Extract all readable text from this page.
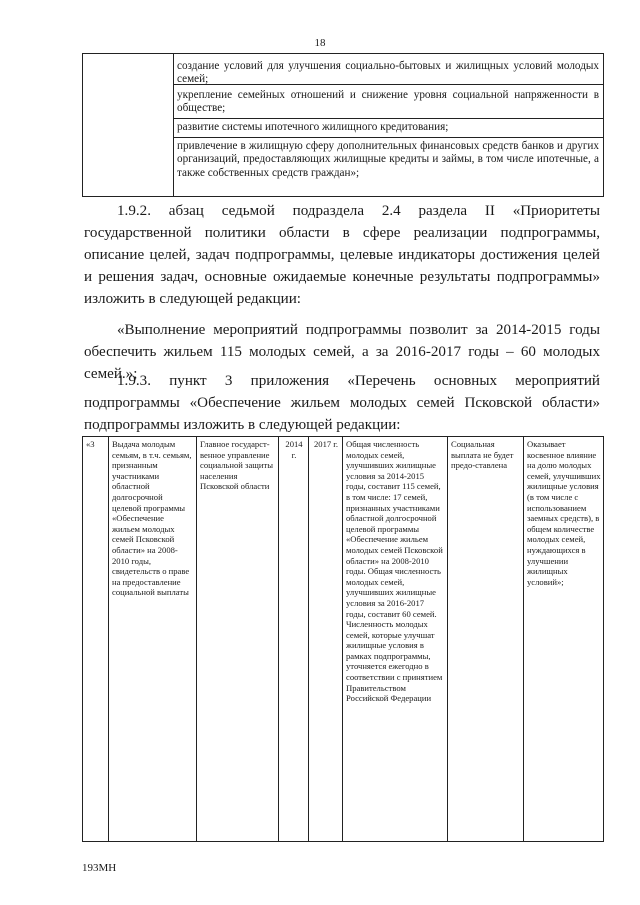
18
создание условий для улучшения социально-бытовых и жилищных условий молодых семей;
укрепление семейных отношений и снижение уровня социальной напряженности в обществе;
развитие системы ипотечного жилищного кредитования;
привлечение в жилищную сферу дополнительных финансовых средств банков и других организаций, предоставляющих жилищные кредиты и займы, в том числе ипотечные, а также собственных средств граждан»;
1.9.2. абзац седьмой подраздела 2.4 раздела II «Приоритеты государственной политики области в сфере реализации подпрограммы, описание целей, задач подпрограммы, целевые индикаторы достижения целей и решения задач, основные ожидаемые конечные результаты подпрограммы» изложить в следующей редакции:
«Выполнение мероприятий подпрограммы позволит за 2014-2015 годы обеспечить жильем 115 молодых семей, а за 2016-2017 годы – 60 молодых семей.»;
1.9.3. пункт 3 приложения «Перечень основных мероприятий подпрограммы «Обеспечение жильем молодых семей Псковской области» подпрограммы изложить в следующей редакции:
«3	Выдача молодым семьям, в т.ч. семьям, признанным участниками областной долгосрочной целевой программы «Обеспечение жильем молодых семей Псковской области» на 2008-2010 годы, свидетельств о праве на предоставление социальной выплаты
Главное государст-венное управление социальной защиты населения Псковской области
2014 г.
2017 г. Общая численность молодых семей, улучшивших жилищные условия за 2014-2015 годы, составит 115 семей, в том числе: 17 семей, признанных участниками областной долгосрочной целевой программы «Обеспечение жильем молодых семей Псковской области» на 2008-2010 годы. Общая численность молодых семей, улучшивших жилищные условия за 2016-2017 годы, составит 60 семей. Численность молодых семей, которые улучшат жилищные условия в рамках подпрограммы, уточняется ежегодно в соответствии с принятием Правительством Российской Федерации
Социальная выплата не будет предо-ставлена
Оказывает косвенное влияние на долю молодых семей, улучшивших жилищные условия (в том числе с использованием заемных средств), в общем количестве молодых семей, нуждающихся в улучшении жилищных условий»;
193МН
